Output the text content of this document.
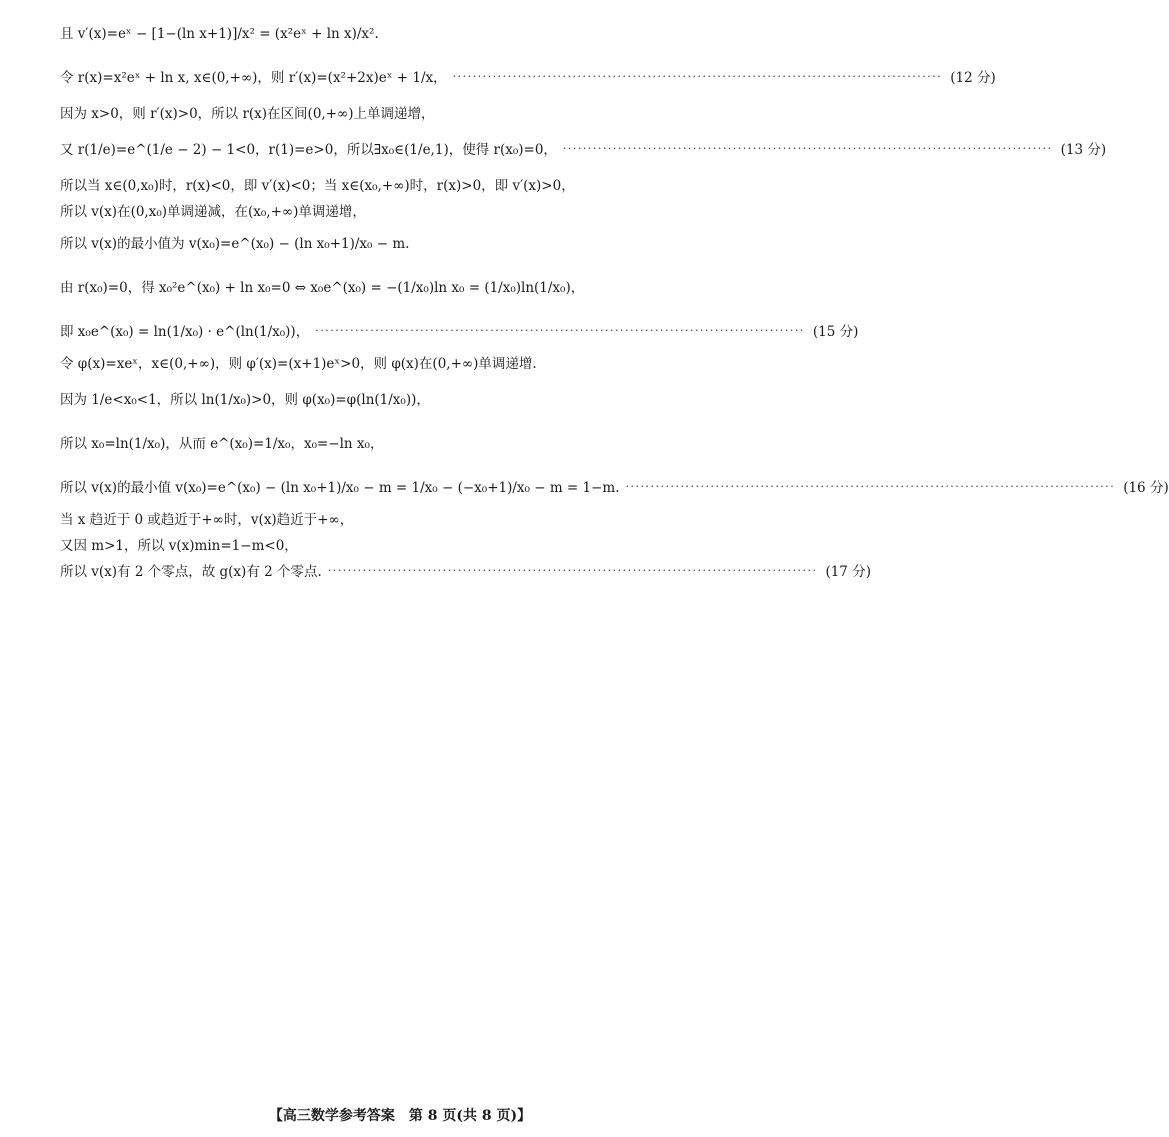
且 v′(x)=eˣ − [1−(ln x+1)]/x² = (x²eˣ + ln x)/x².
令 r(x)=x²eˣ + ln x, x∈(0,+∞)，则 r′(x)=(x²+2x)eˣ + 1/x， ·································································································· (12 分)
因为 x>0，则 r′(x)>0，所以 r(x)在区间(0,+∞)上单调递增，
又 r(1/e)=e^(1/e − 2) − 1<0，r(1)=e>0，所以∃x₀∈(1/e,1)，使得 r(x₀)=0， ·································································································· (13 分)
所以当 x∈(0,x₀)时，r(x)<0，即 v′(x)<0；当 x∈(x₀,+∞)时，r(x)>0，即 v′(x)>0，
所以 v(x)在(0,x₀)单调递减，在(x₀,+∞)单调递增，
所以 v(x)的最小值为 v(x₀)=e^(x₀) − (ln x₀+1)/x₀ − m.
由 r(x₀)=0，得 x₀²e^(x₀) + ln x₀=0 ⇔ x₀e^(x₀) = −(1/x₀)ln x₀ = (1/x₀)ln(1/x₀)，
即 x₀e^(x₀) = ln(1/x₀) · e^(ln(1/x₀))， ·································································································· (15 分)
令 φ(x)=xeˣ，x∈(0,+∞)，则 φ′(x)=(x+1)eˣ>0，则 φ(x)在(0,+∞)单调递增.
因为 1/e<x₀<1，所以 ln(1/x₀)>0，则 φ(x₀)=φ(ln(1/x₀))，
所以 x₀=ln(1/x₀)，从而 e^(x₀)=1/x₀，x₀=−ln x₀，
所以 v(x)的最小值 v(x₀)=e^(x₀) − (ln x₀+1)/x₀ − m = 1/x₀ − (−x₀+1)/x₀ − m = 1−m. ·································································································· (16 分)
当 x 趋近于 0 或趋近于+∞时，v(x)趋近于+∞，
又因 m>1，所以 v(x)min=1−m<0，
所以 v(x)有 2 个零点，故 g(x)有 2 个零点. ·································································································· (17 分)
【高三数学参考答案　第 8 页(共 8 页)】
